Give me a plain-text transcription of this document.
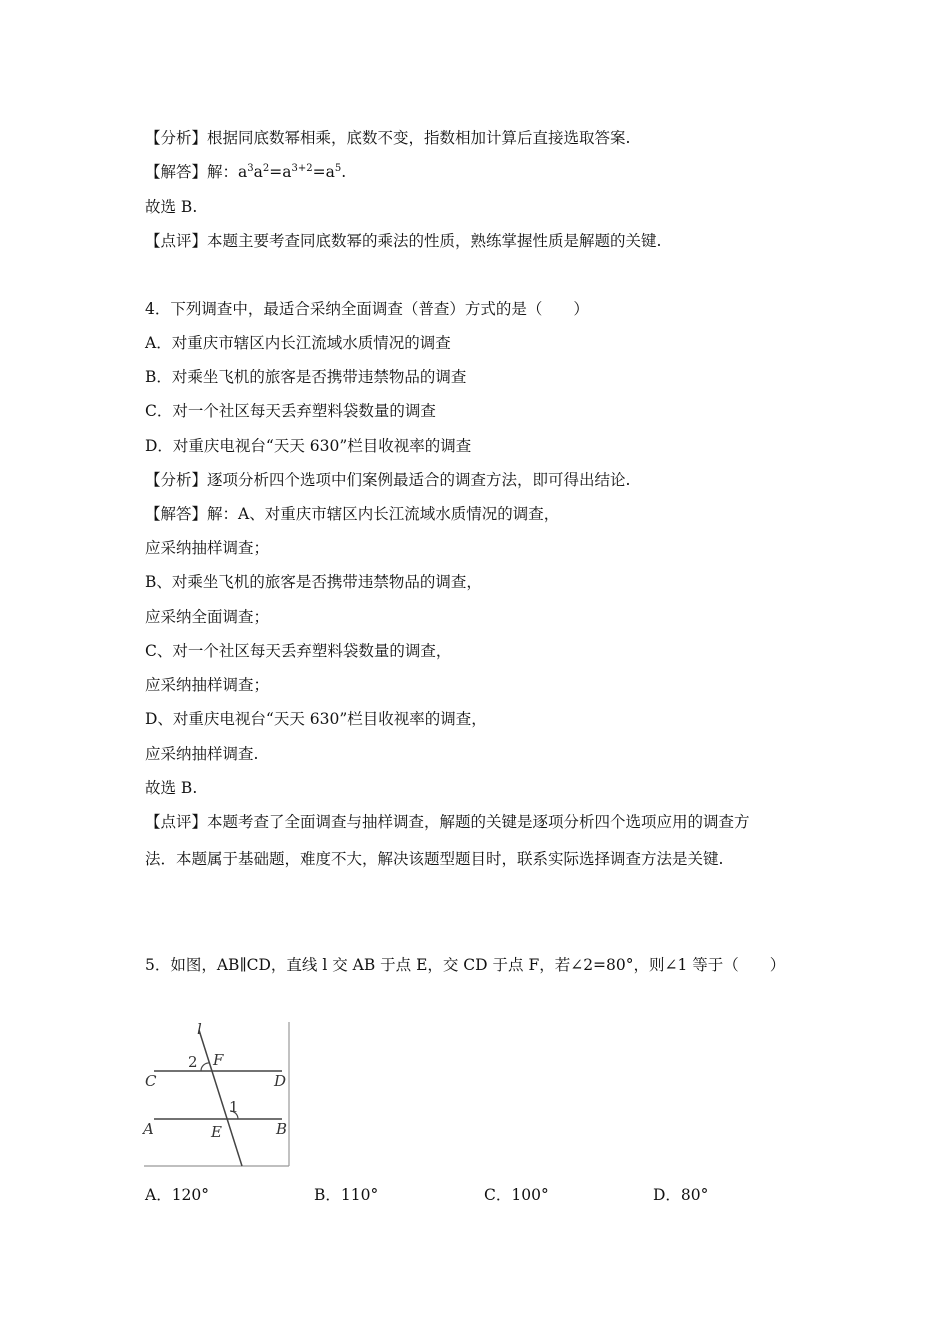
【分析】根据同底数幂相乘，底数不变，指数相加计算后直接选取答案.
【解答】解：$a^3a^2=a^{3+2}=a^5$.
故选 B.
【点评】本题主要考查同底数幂的乘法的性质，熟练掌握性质是解题的关键.
4．下列调查中，最适合采纳全面调查（普查）方式的是（　　）
A．对重庆市辖区内长江流域水质情况的调查
B．对乘坐飞机的旅客是否携带违禁物品的调查
C．对一个社区每天丢弃塑料袋数量的调查
D．对重庆电视台“天天 630”栏目收视率的调查
【分析】逐项分析四个选项中们案例最适合的调查方法，即可得出结论.
【解答】解：A、对重庆市辖区内长江流域水质情况的调查，
应采纳抽样调查；
B、对乘坐飞机的旅客是否携带违禁物品的调查，
应采纳全面调查；
C、对一个社区每天丢弃塑料袋数量的调查，
应采纳抽样调查；
D、对重庆电视台“天天 630”栏目收视率的调查，
应采纳抽样调查.
故选 B.
【点评】本题考查了全面调查与抽样调查，解题的关键是逐项分析四个选项应用的调查方
法．本题属于基础题，难度不大，解决该题型题目时，联系实际选择调查方法是关键.
5．如图，AB∥CD，直线 l 交 AB 于点 E，交 CD 于点 F，若∠2=80°，则∠1 等于（　　）
l
2 F
C	D
1
A	E	B
A．120°	B．110°	C．100°	D．80°
